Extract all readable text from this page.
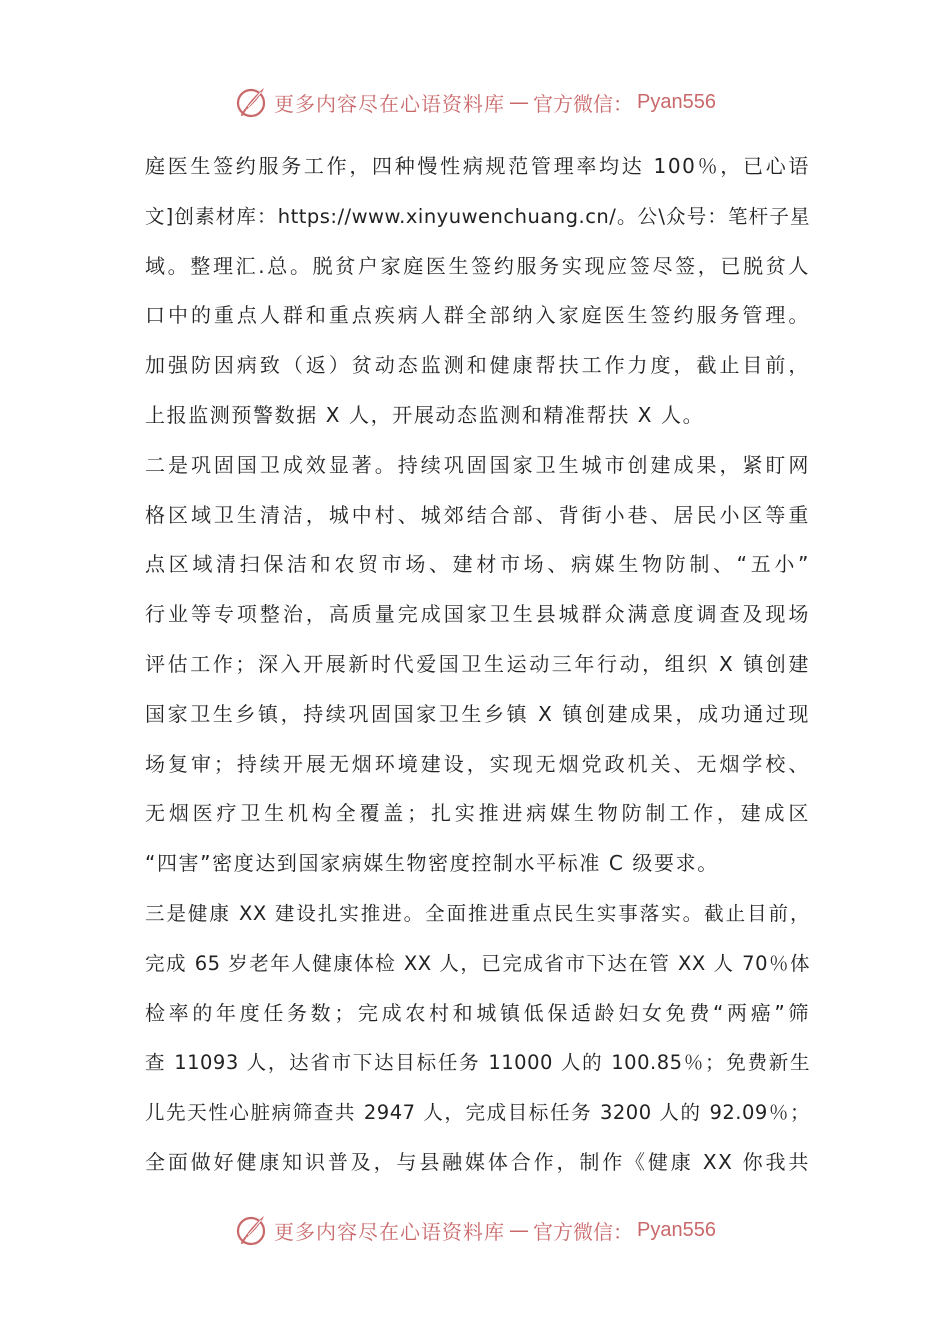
更多内容尽在心语资料库 — 官方微信： Pyan556
庭医生签约服务工作，四种慢性病规范管理率均达 100％，已心语
文]创素材库：https://www.xinyuwenchuang.cn/。公\众号：笔杆子星
域。整理汇.总。脱贫户家庭医生签约服务实现应签尽签，已脱贫人
口中的重点人群和重点疾病人群全部纳入家庭医生签约服务管理。
加强防因病致（返）贫动态监测和健康帮扶工作力度，截止目前，
上报监测预警数据 X 人，开展动态监测和精准帮扶 X 人。
二是巩固国卫成效显著。持续巩固国家卫生城市创建成果，紧盯网
格区域卫生清洁，城中村、城郊结合部、背街小巷、居民小区等重
点区域清扫保洁和农贸市场、建材市场、病媒生物防制、“五小”
行业等专项整治，高质量完成国家卫生县城群众满意度调查及现场
评估工作；深入开展新时代爱国卫生运动三年行动，组织 X 镇创建
国家卫生乡镇，持续巩固国家卫生乡镇 X 镇创建成果，成功通过现
场复审；持续开展无烟环境建设，实现无烟党政机关、无烟学校、
无烟医疗卫生机构全覆盖；扎实推进病媒生物防制工作，建成区
“四害”密度达到国家病媒生物密度控制水平标准 C 级要求。
三是健康 XX 建设扎实推进。全面推进重点民生实事落实。截止目前，
完成 65 岁老年人健康体检 XX 人，已完成省市下达在管 XX 人 70％体
检率的年度任务数；完成农村和城镇低保适龄妇女免费“两癌”筛
查 11093 人，达省市下达目标任务 11000 人的 100.85％；免费新生
儿先天性心脏病筛查共 2947 人，完成目标任务 3200 人的 92.09％；
全面做好健康知识普及，与县融媒体合作，制作《健康 XX 你我共
更多内容尽在心语资料库 — 官方微信： Pyan556
